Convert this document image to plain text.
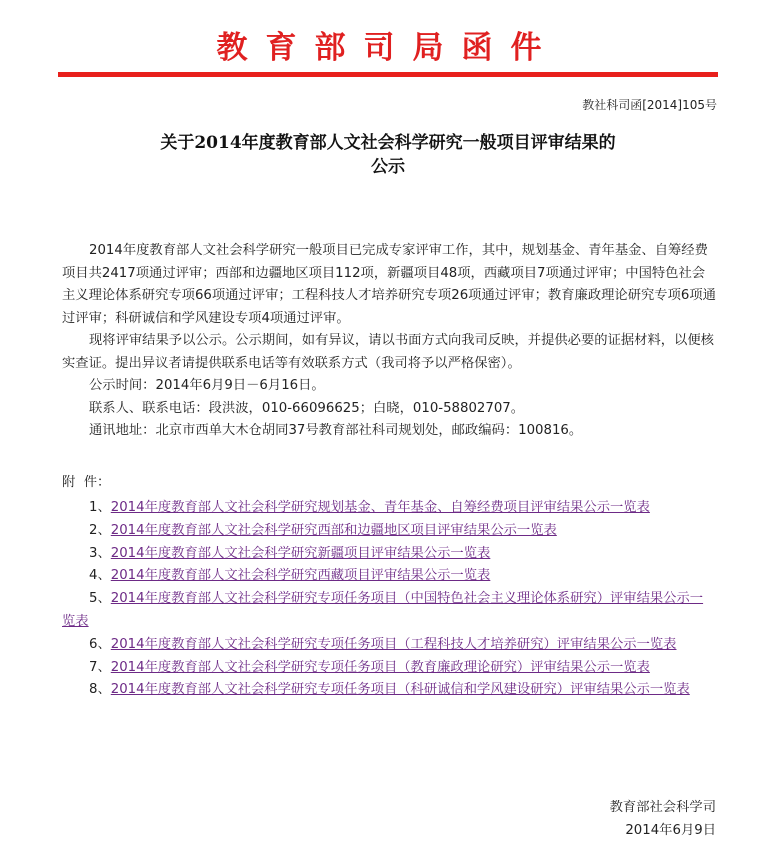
教育部司局函件
教社科司函[2014]105号
关于2014年度教育部人文社会科学研究一般项目评审结果的
公示

2014年度教育部人文社会科学研究一般项目已完成专家评审工作，其中，规划基金、青年基金、自筹经费项目共2417项通过评审；西部和边疆地区项目112项，新疆项目48项，西藏项目7项通过评审；中国特色社会主义理论体系研究专项66项通过评审；工程科技人才培养研究专项26项通过评审；教育廉政理论研究专项6项通过评审；科研诚信和学风建设专项4项通过评审。

现将评审结果予以公示。公示期间，如有异议，请以书面方式向我司反映，并提供必要的证据材料，以便核实查证。提出异议者请提供联系电话等有效联系方式（我司将予以严格保密）。

公示时间：2014年6月9日－6月16日。

联系人、联系电话：段洪波，010-66096625；白晓，010-58802707。

通讯地址：北京市西单大木仓胡同37号教育部社科司规划处，邮政编码：100816。

附  件：

1、2014年度教育部人文社会科学研究规划基金、青年基金、自筹经费项目评审结果公示一览表

2、2014年度教育部人文社会科学研究西部和边疆地区项目评审结果公示一览表

3、2014年度教育部人文社会科学研究新疆项目评审结果公示一览表

4、2014年度教育部人文社会科学研究西藏项目评审结果公示一览表

5、2014年度教育部人文社会科学研究专项任务项目（中国特色社会主义理论体系研究）评审结果公示一览表

6、2014年度教育部人文社会科学研究专项任务项目（工程科技人才培养研究）评审结果公示一览表

7、2014年度教育部人文社会科学研究专项任务项目（教育廉政理论研究）评审结果公示一览表

8、2014年度教育部人文社会科学研究专项任务项目（科研诚信和学风建设研究）评审结果公示一览表

教育部社会科学司
2014年6月9日
